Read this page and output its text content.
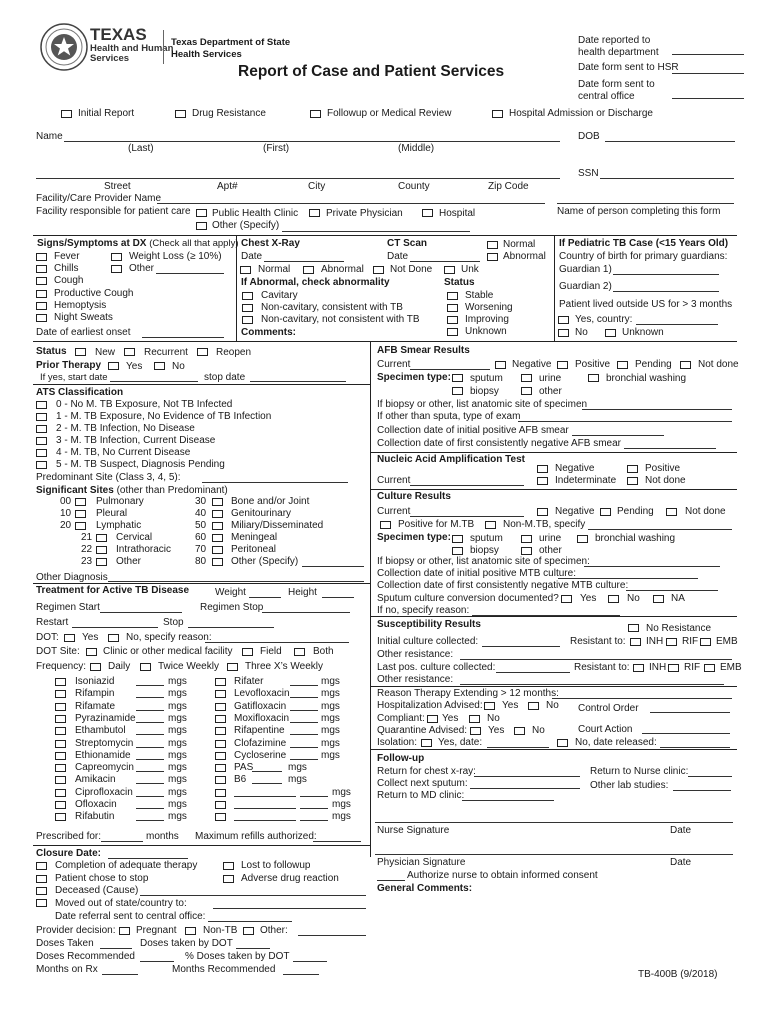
TEXAS
Health and Human
Services
Texas Department of State
Health Services
Report of Case and Patient Services
Date reported to
health department
Date form sent to HSR
Date form sent to
central office
Initial Report	Drug Resistance	Followup or Medical Review	Hospital Admission or Discharge
Name	DOB
(Last)	(First)	(Middle)
SSN
Street	Apt#	City	County	Zip Code
Facility/Care Provider Name
Facility responsible for patient care Public Health Clinic	Private Physician	Hospital
Other (Specify)
Name of person completing this form
Signs/Symptoms at DX (Check all that apply)
Fever	Weight Loss (≥ 10%)
Chills	Other
Cough
Productive Cough
Hemoptysis
Night Sweats
Date of earliest onset
Chest X-Ray
Date
Normal	Abnormal	Not Done
If Abnormal, check abnormality
Cavitary
Non-cavitary, consistent with TB
Non-cavitary, not consistent with TB
Comments:
CT Scan
Date
Normal
Abnormal
Unk
Status
Stable
Worsening
Improving
Unknown
If Pediatric TB Case (<15 Years Old)
Country of birth for primary guardians:
Guardian 1)
Guardian 2)
Patient lived outside US for > 3 months
Yes, country:
No	Unknown
Status	New	Recurrent	Reopen
Prior Therapy Yes	No
If yes, start date	stop date
ATS Classification
0 - No M. TB Exposure, Not TB Infected
1 - M. TB Exposure, No Evidence of TB Infection
2 - M. TB Infection, No Disease
3 - M. TB Infection, Current Disease
4 - M. TB, No Current Disease
5 - M. TB Suspect, Diagnosis Pending
Predominant Site (Class 3, 4, 5):
Significant Sites (other than Predominant)
00 Pulmonary
10 Pleural
20 Lymphatic
21 Cervical
22 Intrathoracic
23 Other
30 Bone and/or Joint
40 Genitourinary
50 Miliary/Disseminated
60 Meningeal
70 Peritoneal
80 Other (Specify)
Other Diagnosis
Treatment for Active TB Disease	Weight	Height
Regimen Start	Regimen Stop
Restart	Stop
DOT: Yes	No, specify reason:
DOT Site: Clinic or other medical facility	Field	Both
Frequency: Daily	Twice Weekly	Three X’s Weekly
Prescribed for:	months Maximum refills authorized:
Closure Date:
Completion of adequate therapy	Lost to followup
Patient chose to stop	Adverse drug reaction
Deceased (Cause)
Moved out of state/country to:
Date referral sent to central office:
Provider decision: Pregnant	Non-TB Other:
Doses Taken	Doses taken by DOT
Doses Recommended	% Doses taken by DOT
Months on Rx	Months Recommended
AFB Smear Results
Current	Negative Positive Pending	Not done
Specimen type: sputum	urine	bronchial washing
biopsy	other
If biopsy or other, list anatomic site of specimen
If other than sputa, type of exam
Collection date of initial positive AFB smear
Collection date of first consistently negative AFB smear
Nucleic Acid Amplification Test
Negative	Positive
Current	Indeterminate	Not done
Culture Results
Current	Negative Pending	Not done
Positive for M.TB	Non-M.TB, specify
Specimen type: sputum	urine	bronchial washing
biopsy	other
If biopsy or other, list anatomic site of specimen:
Collection date of initial positive MTB culture:
Collection date of first consistently negative MTB culture:
Sputum culture conversion documented? Yes	No	NA
If no, specify reason:
Susceptibility Results	No Resistance
Initial culture collected:	Resistant to: INH RIF EMB
Other resistance:
Last pos. culture collected:	Resistant to: INH RIF EMB
Other resistance:
Reason Therapy Extending > 12 months:
Hospitalization Advised: Yes	No Control Order
Compliant: Yes	No
Quarantine Advised: Yes	No	Court Action
Isolation: Yes, date:	No, date released:
Follow-up
Return for chest x-ray:	Return to Nurse clinic:
Collect next sputum:	Other lab studies:
Return to MD clinic:
Nurse Signature	Date
Physician Signature	Date
Authorize nurse to obtain informed consent
General Comments:
TB-400B (9/2018)
Isoniazid	mgs
Rifampin	mgs
Rifamate	mgs
Pyrazinamide	mgs
Ethambutol	mgs
Streptomycin	mgs
Ethionamide	mgs
Capreomycin	mgs
Amikacin	mgs
Ciprofloxacin	mgs
Ofloxacin	mgs
Rifabutin	mgs
Rifater	mgs
Levofloxacin	mgs
Gatifloxacin	mgs
Moxifloxacin	mgs
Rifapentine	mgs
Clofazimine	mgs
Cycloserine	mgs
PAS	mgs
B6	mgs
mgs
mgs
mgs
